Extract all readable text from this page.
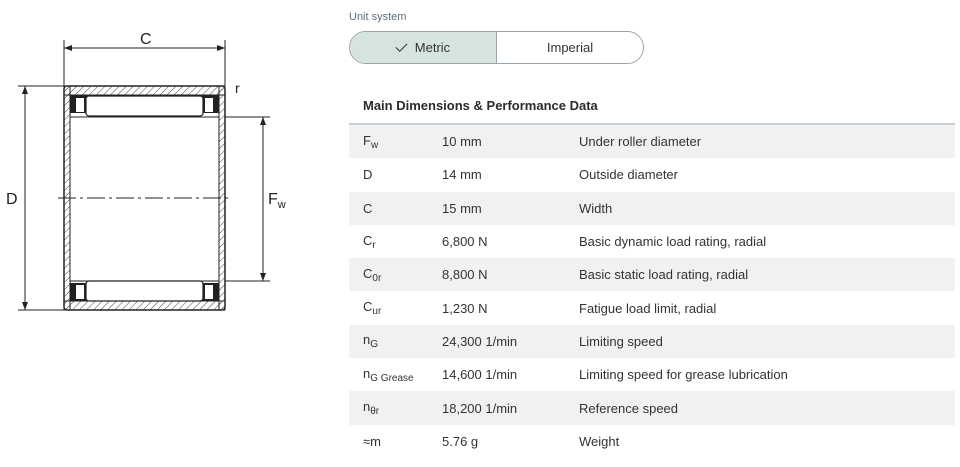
C
r
D	$F_w$
Unit system
Metric	Imperial
Main Dimensions & Performance Data
$F_w$	10 mm	Under roller diameter
D	14 mm	Outside diameter
C	15 mm	Width
$C_r$	6,800 N	Basic dynamic load rating, radial
$C_{0r}$	8,800 N	Basic static load rating, radial
$C_{ur}$	1,230 N	Fatigue load limit, radial
$n_G$	24,300 1/min	Limiting speed
$n_{G Grease}$	14,600 1/min	Limiting speed for grease lubrication
$n_{\theta r}$	18,200 1/min	Reference speed
≈m	5.76 g	Weight
